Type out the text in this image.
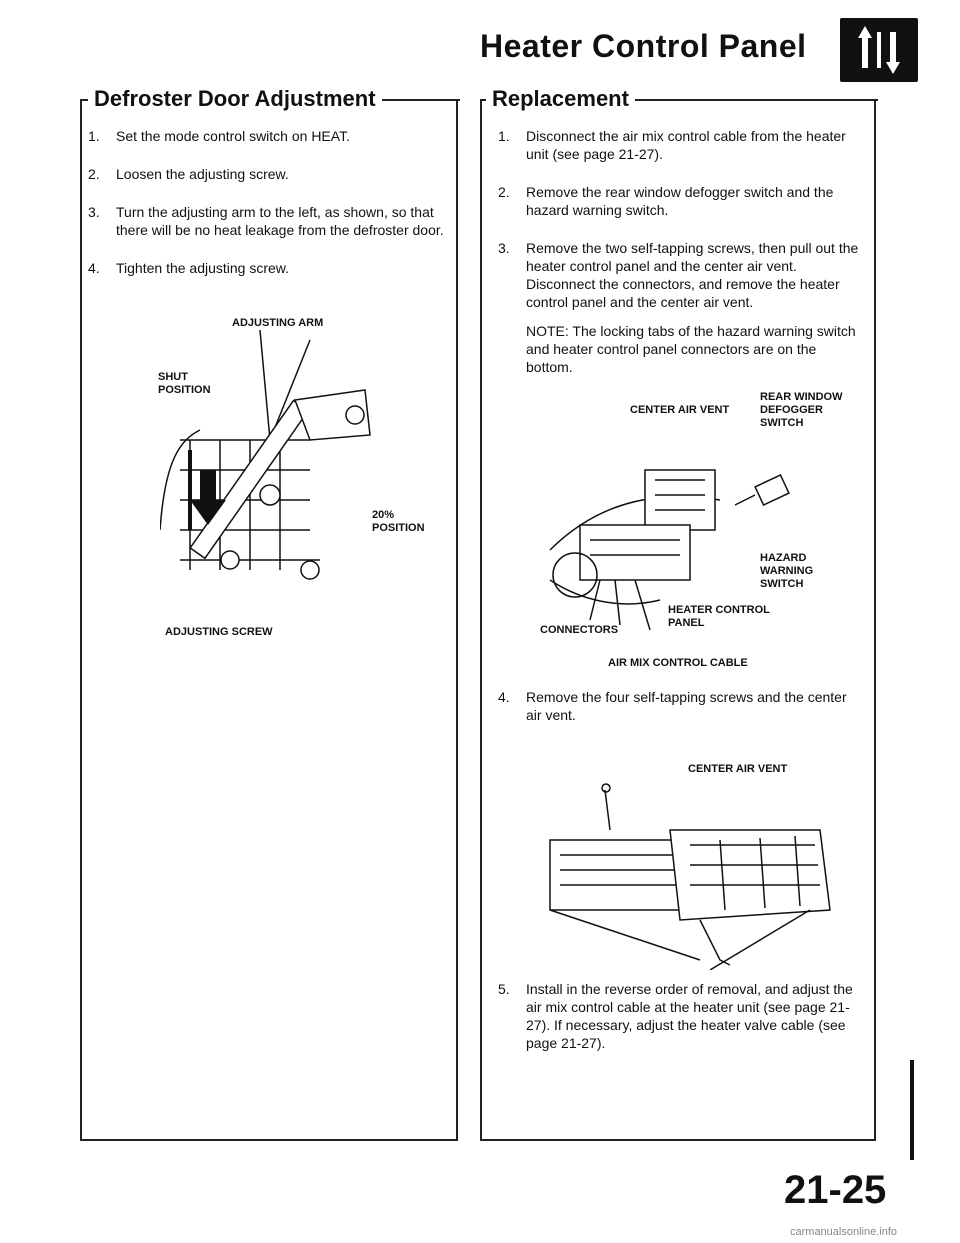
Heater Control Panel
Defroster Door Adjustment
1. Set the mode control switch on HEAT.
2. Loosen the adjusting screw.
3. Turn the adjusting arm to the left, as shown, so that there will be no heat leakage from the defroster door.
4. Tighten the adjusting screw.
ADJUSTING ARM
SHUT
POSITION
20%
POSITION
ADJUSTING SCREW
Replacement
1. Disconnect the air mix control cable from the heater unit (see page 21-27).
2. Remove the rear window defogger switch and the hazard warning switch.
3. Remove the two self-tapping screws, then pull out the heater control panel and the center air vent. Disconnect the connectors, and remove the heater control panel and the center air vent.
NOTE: The locking tabs of the hazard warning switch and heater control panel connectors are on the bottom.
CENTER AIR VENT
REAR WINDOW
DEFOGGER
SWITCH
HAZARD
WARNING
SWITCH
HEATER CONTROL
PANEL
CONNECTORS
AIR MIX CONTROL CABLE
4. Remove the four self-tapping screws and the center air vent.
CENTER AIR VENT
5. Install in the reverse order of removal, and adjust the air mix control cable at the heater unit (see page 21-27). If necessary, adjust the heater valve cable (see page 21-27).
21-25
carmanualsonline.info
